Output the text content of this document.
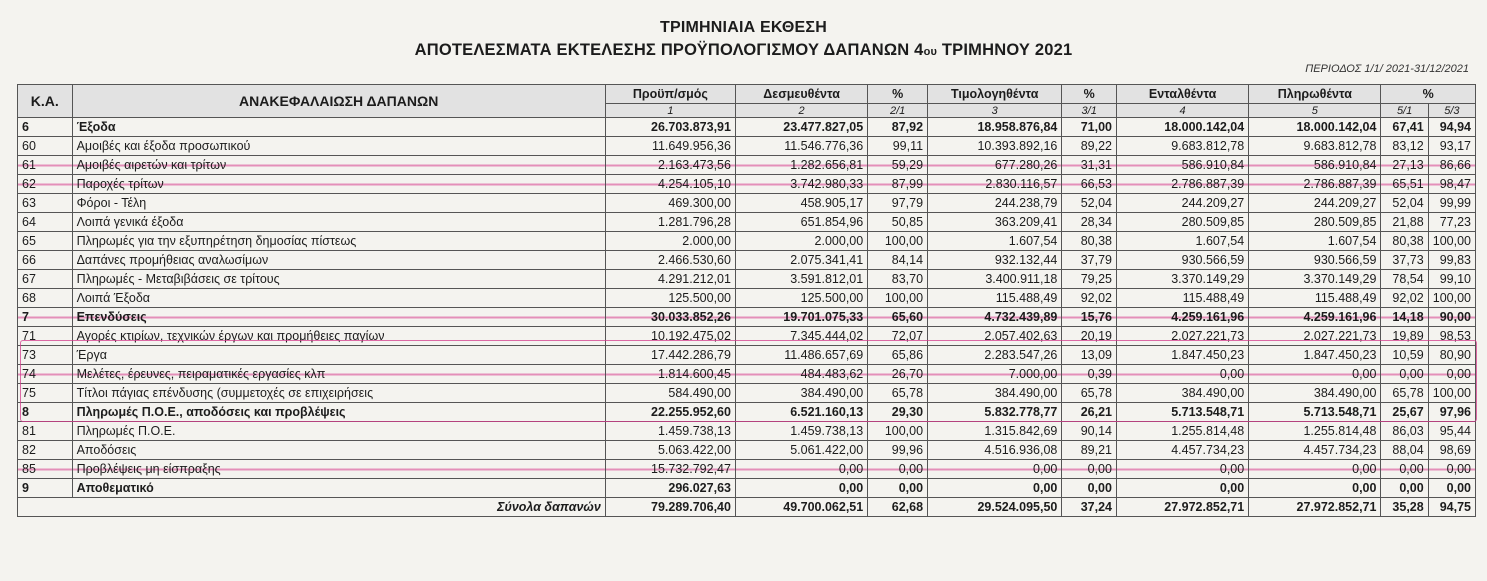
ΤΡΙΜΗΝΙΑΙΑ ΕΚΘΕΣΗ
ΑΠΟΤΕΛΕΣΜΑΤΑ ΕΚΤΕΛΕΣΗΣ ΠΡΟΫΠΟΛΟΓΙΣΜΟΥ ΔΑΠΑΝΩΝ 4ου ΤΡΙΜΗΝΟΥ 2021
ΠΕΡΙΟΔΟΣ 1/1/ 2021-31/12/2021
Κ.Α.	ΑΝΑΚΕΦΑΛΑΙΩΣΗ ΔΑΠΑΝΩΝ	Προϋπ/σμός	Δεσμευθέντα	%	Τιμολογηθέντα	%	Ενταλθέντα	Πληρωθέντα	%	
		1	2	2/1	3	3/1	4	5	5/1	5/3
6	Έξοδα	26.703.873,91	23.477.827,05	87,92	18.958.876,84	71,00	18.000.142,04	18.000.142,04	67,41	94,94
60	Αμοιβές και έξοδα προσωπικού	11.649.956,36	11.546.776,36	99,11	10.393.892,16	89,22	9.683.812,78	9.683.812,78	83,12	93,17
61	Αμοιβές αιρετών και τρίτων	2.163.473,56	1.282.656,81	59,29	677.280,26	31,31	586.910,84	586.910,84	27,13	86,66
62	Παροχές τρίτων	4.254.105,10	3.742.980,33	87,99	2.830.116,57	66,53	2.786.887,39	2.786.887,39	65,51	98,47
63	Φόροι - Τέλη	469.300,00	458.905,17	97,79	244.238,79	52,04	244.209,27	244.209,27	52,04	99,99
64	Λοιπά γενικά έξοδα	1.281.796,28	651.854,96	50,85	363.209,41	28,34	280.509,85	280.509,85	21,88	77,23
65	Πληρωμές για την εξυπηρέτηση δημοσίας πίστεως	2.000,00	2.000,00	100,00	1.607,54	80,38	1.607,54	1.607,54	80,38	100,00
66	Δαπάνες προμήθειας αναλωσίμων	2.466.530,60	2.075.341,41	84,14	932.132,44	37,79	930.566,59	930.566,59	37,73	99,83
67	Πληρωμές - Μεταβιβάσεις σε τρίτους	4.291.212,01	3.591.812,01	83,70	3.400.911,18	79,25	3.370.149,29	3.370.149,29	78,54	99,10
68	Λοιπά Έξοδα	125.500,00	125.500,00	100,00	115.488,49	92,02	115.488,49	115.488,49	92,02	100,00
7	Επενδύσεις	30.033.852,26	19.701.075,33	65,60	4.732.439,89	15,76	4.259.161,96	4.259.161,96	14,18	90,00
71	Αγορές κτιρίων, τεχνικών έργων και προμήθειες παγίων	10.192.475,02	7.345.444,02	72,07	2.057.402,63	20,19	2.027.221,73	2.027.221,73	19,89	98,53
73	Έργα	17.442.286,79	11.486.657,69	65,86	2.283.547,26	13,09	1.847.450,23	1.847.450,23	10,59	80,90
74	Μελέτες, έρευνες, πειραματικές εργασίες κλπ	1.814.600,45	484.483,62	26,70	7.000,00	0,39	0,00	0,00	0,00	0,00
75	Τίτλοι πάγιας επένδυσης (συμμετοχές σε επιχειρήσεις	584.490,00	384.490,00	65,78	384.490,00	65,78	384.490,00	384.490,00	65,78	100,00
8	Πληρωμές Π.Ο.Ε., αποδόσεις και προβλέψεις	22.255.952,60	6.521.160,13	29,30	5.832.778,77	26,21	5.713.548,71	5.713.548,71	25,67	97,96
81	Πληρωμές Π.Ο.Ε.	1.459.738,13	1.459.738,13	100,00	1.315.842,69	90,14	1.255.814,48	1.255.814,48	86,03	95,44
82	Αποδόσεις	5.063.422,00	5.061.422,00	99,96	4.516.936,08	89,21	4.457.734,23	4.457.734,23	88,04	98,69
85	Προβλέψεις μη είσπραξης	15.732.792,47	0,00	0,00	0,00	0,00	0,00	0,00	0,00	0,00
9	Αποθεματικό	296.027,63	0,00	0,00	0,00	0,00	0,00	0,00	0,00	0,00
Σύνολα δαπανών		79.289.706,40	49.700.062,51	62,68	29.524.095,50	37,24	27.972.852,71	27.972.852,71	35,28	94,75
